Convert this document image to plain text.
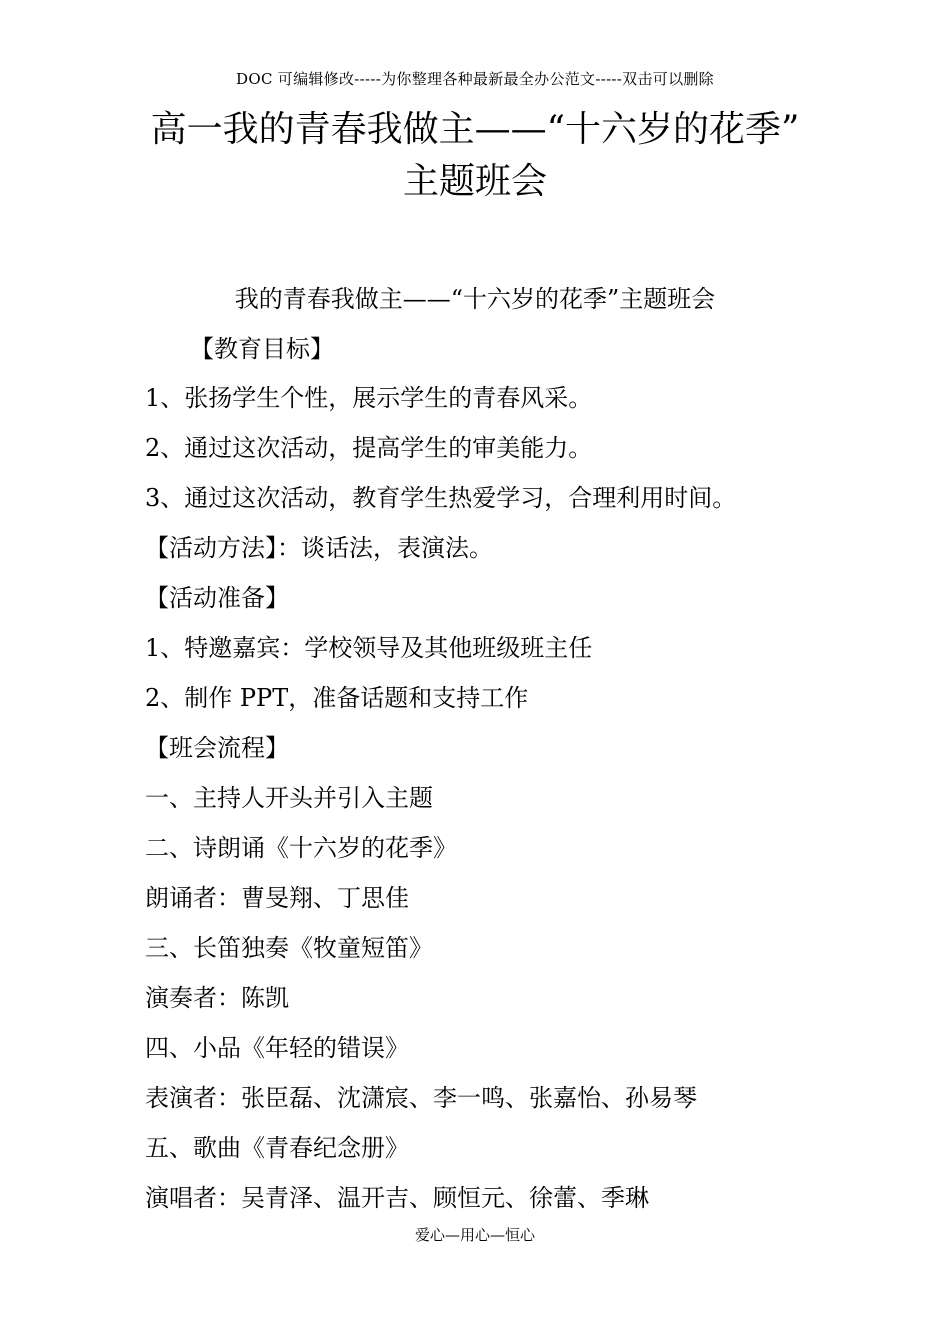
DOC 可编辑修改-----为你整理各种最新最全办公范文-----双击可以删除
高一我的青春我做主——“十六岁的花季”
主题班会
我的青春我做主——“十六岁的花季”主题班会
【教育目标】
1、张扬学生个性，展示学生的青春风采。
2、通过这次活动，提高学生的审美能力。
3、通过这次活动，教育学生热爱学习，合理利用时间。
【活动方法】：谈话法，表演法。
【活动准备】
1、特邀嘉宾：学校领导及其他班级班主任
2、制作 PPT，准备话题和支持工作
【班会流程】
一、主持人开头并引入主题
二、诗朗诵《十六岁的花季》
朗诵者：曹旻翔、丁思佳
三、长笛独奏《牧童短笛》
演奏者：陈凯
四、小品《年轻的错误》
表演者：张臣磊、沈潇宸、李一鸣、张嘉怡、孙易琴
五、歌曲《青春纪念册》
演唱者：吴青泽、温开吉、顾恒元、徐蕾、季琳
爱心—用心—恒心
